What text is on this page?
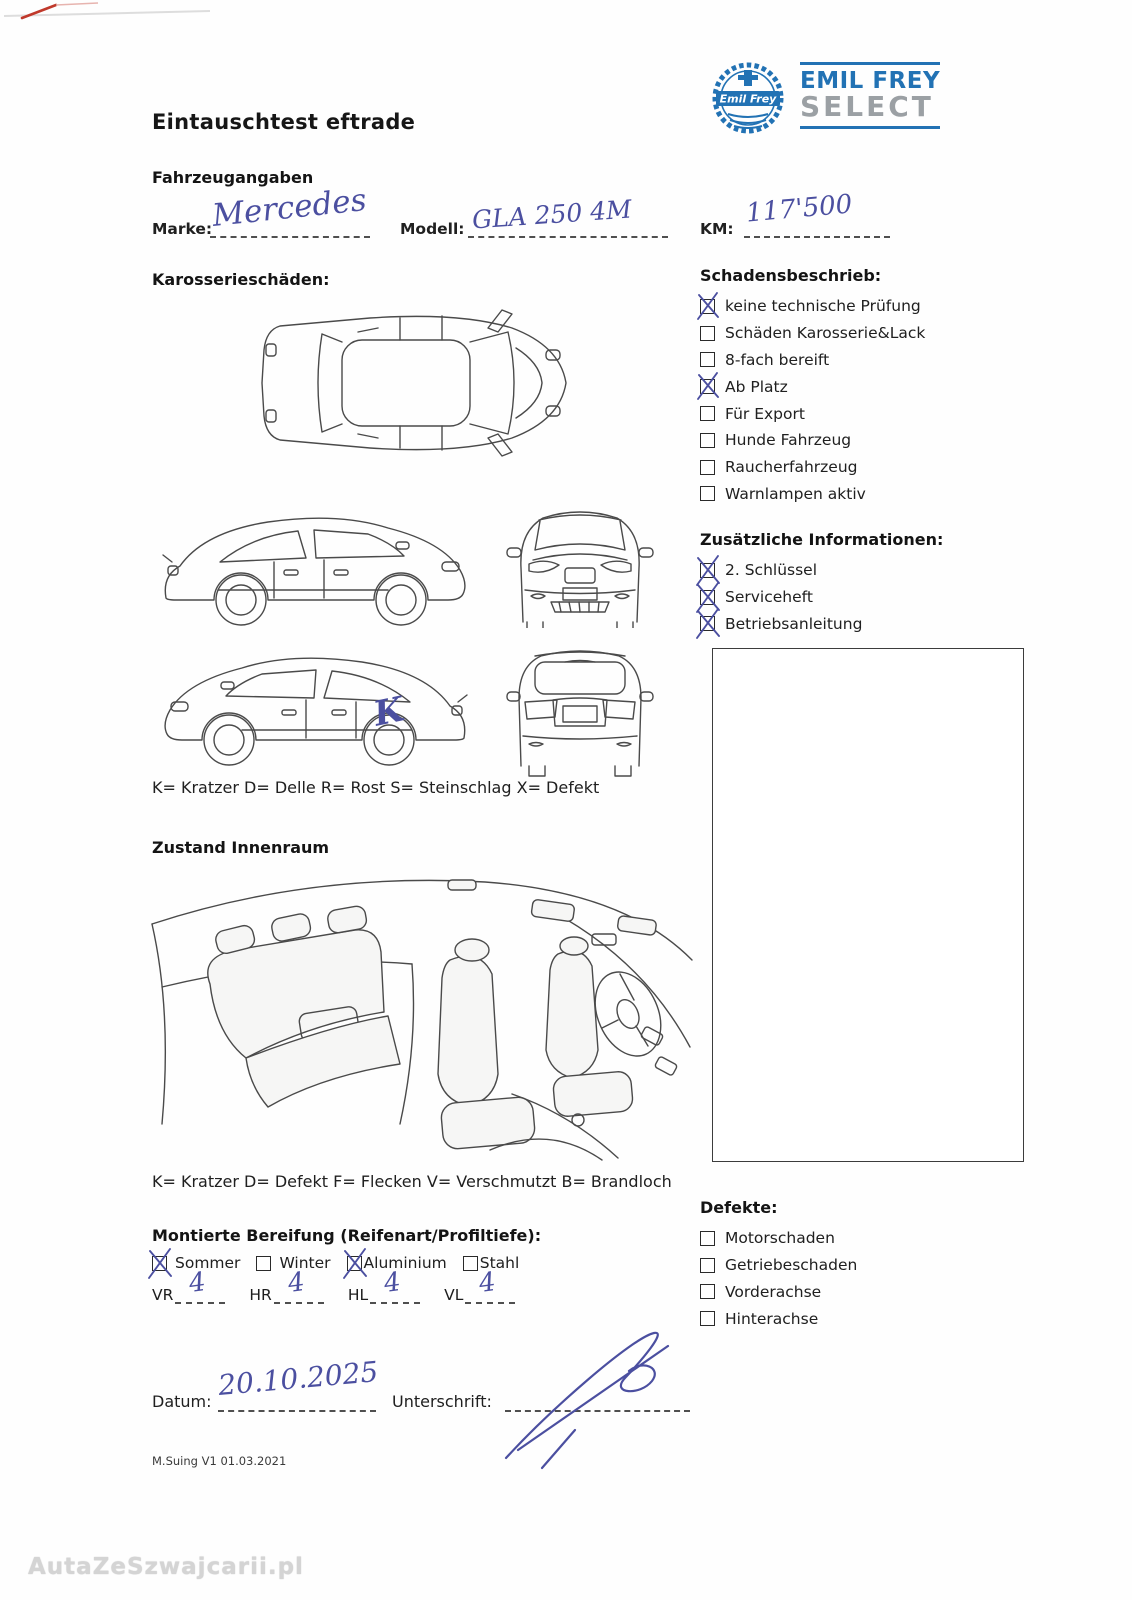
Eintauschtest eftrade
Emil Frey
EMIL FREY
SELECT
Fahrzeugangaben
Marke:
Mercedes Modell: GLA 250 4M	KM:
117'500
Karosserieschäden:	Schadensbeschrieb:
keine technische Prüfung
Schäden Karosserie&Lack
8-fach bereift
Ab Platz
Für Export
Hunde Fahrzeug
Raucherfahrzeug
Warnlampen aktiv
Zusätzliche Informationen:
2. Schlüssel
Serviceheft
Betriebsanleitung
K
K= Kratzer D= Delle R= Rost S= Steinschlag X= Defekt
Zustand Innenraum
K= Kratzer D= Defekt F= Flecken V= Verschmutzt B= Brandloch
Montierte Bereifung (Reifenart/Profiltiefe):
Sommer	Winter Aluminium Stahl
VR 4	HR 4	HL 4	VL 4
Defekte:
Motorschaden
Getriebeschaden
Vorderachse
Hinterachse
Datum: 20.10.2025 Unterschrift:
M.Suing V1 01.03.2021
AutaZeSzwajcarii.pl
